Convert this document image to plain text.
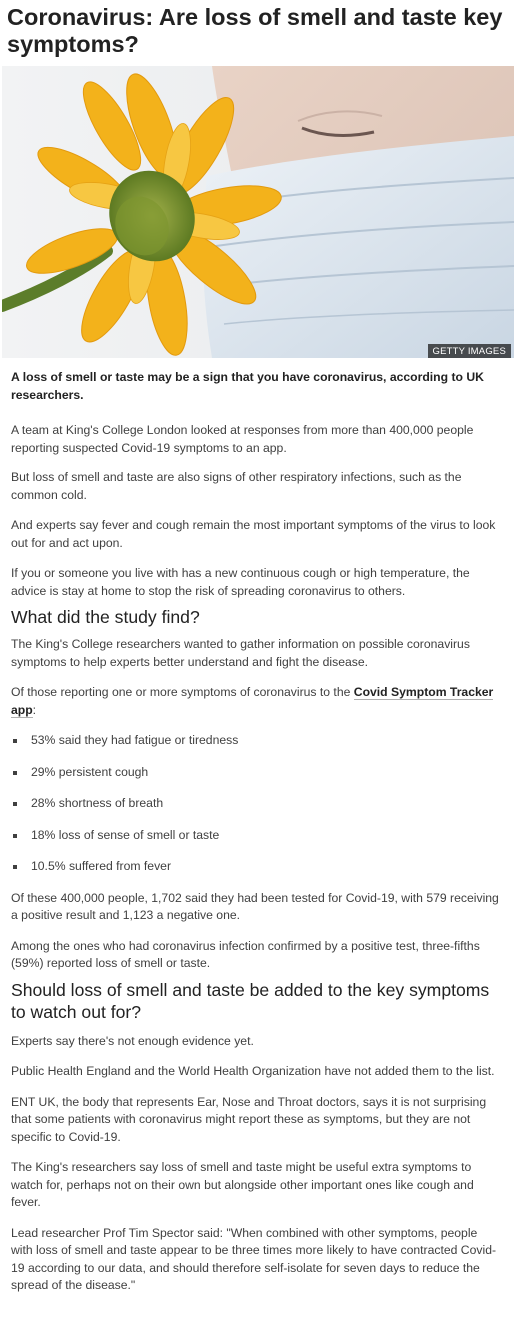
Coronavirus: Are loss of smell and taste key symptoms?
GETTY IMAGES

A loss of smell or taste may be a sign that you have coronavirus, according to UK researchers.

A team at King's College London looked at responses from more than 400,000 people reporting suspected Covid-19 symptoms to an app.

But loss of smell and taste are also signs of other respiratory infections, such as the common cold.

And experts say fever and cough remain the most important symptoms of the virus to look out for and act upon.

If you or someone you live with has a new continuous cough or high temperature, the advice is stay at home to stop the risk of spreading coronavirus to others.

What did the study find?

The King's College researchers wanted to gather information on possible coronavirus symptoms to help experts better understand and fight the disease.

Of those reporting one or more symptoms of coronavirus to the Covid Symptom Tracker app:

53% said they had fatigue or tiredness
29% persistent cough
28% shortness of breath
18% loss of sense of smell or taste
10.5% suffered from fever

Of these 400,000 people, 1,702 said they had been tested for Covid-19, with 579 receiving a positive result and 1,123 a negative one.

Among the ones who had coronavirus infection confirmed by a positive test, three-fifths (59%) reported loss of smell or taste.

Should loss of smell and taste be added to the key symptoms to watch out for?

Experts say there's not enough evidence yet.

Public Health England and the World Health Organization have not added them to the list.

ENT UK, the body that represents Ear, Nose and Throat doctors, says it is not surprising that some patients with coronavirus might report these as symptoms, but they are not specific to Covid-19.

The King's researchers say loss of smell and taste might be useful extra symptoms to watch for, perhaps not on their own but alongside other important ones like cough and fever.

Lead researcher Prof Tim Spector said: "When combined with other symptoms, people with loss of smell and taste appear to be three times more likely to have contracted Covid-19 according to our data, and should therefore self-isolate for seven days to reduce the spread of the disease."
